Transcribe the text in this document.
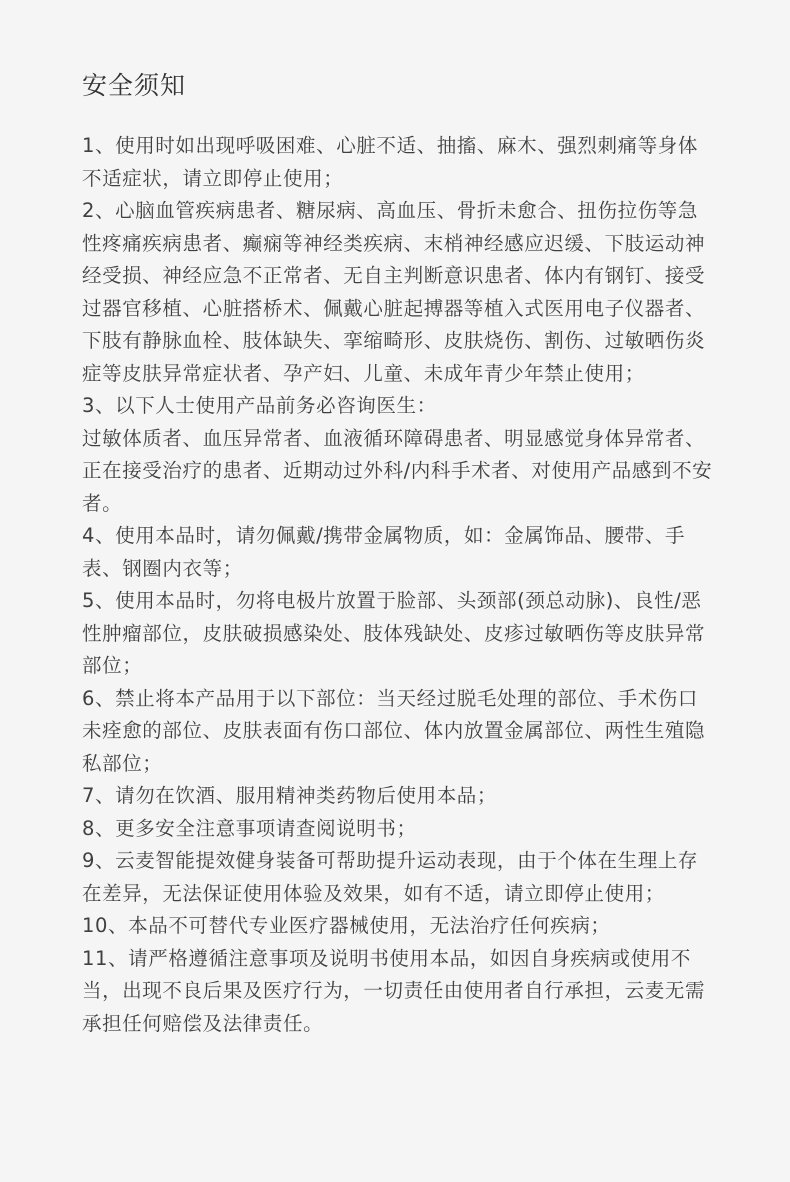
安全须知

1、使用时如出现呼吸困难、心脏不适、抽搐、麻木、强烈刺痛等身体不适症状，请立即停止使用；

2、心脑血管疾病患者、糖尿病、高血压、骨折未愈合、扭伤拉伤等急性疼痛疾病患者、癫痫等神经类疾病、末梢神经感应迟缓、下肢运动神经受损、神经应急不正常者、无自主判断意识患者、体内有钢钉、接受过器官移植、心脏搭桥术、佩戴心脏起搏器等植入式医用电子仪器者、下肢有静脉血栓、肢体缺失、挛缩畸形、皮肤烧伤、割伤、过敏晒伤炎症等皮肤异常症状者、孕产妇、儿童、未成年青少年禁止使用；

3、以下人士使用产品前务必咨询医生：

过敏体质者、血压异常者、血液循环障碍患者、明显感觉身体异常者、正在接受治疗的患者、近期动过外科/内科手术者、对使用产品感到不安者。

4、使用本品时，请勿佩戴/携带金属物质，如：金属饰品、腰带、手表、钢圈内衣等；

5、使用本品时，勿将电极片放置于脸部、头颈部(颈总动脉)、良性/恶性肿瘤部位，皮肤破损感染处、肢体残缺处、皮疹过敏晒伤等皮肤异常部位；

6、禁止将本产品用于以下部位：当天经过脱毛处理的部位、手术伤口未痊愈的部位、皮肤表面有伤口部位、体内放置金属部位、两性生殖隐私部位；

7、请勿在饮酒、服用精神类药物后使用本品；

8、更多安全注意事项请查阅说明书；

9、云麦智能提效健身装备可帮助提升运动表现，由于个体在生理上存在差异，无法保证使用体验及效果，如有不适，请立即停止使用；

10、本品不可替代专业医疗器械使用，无法治疗任何疾病；

11、请严格遵循注意事项及说明书使用本品，如因自身疾病或使用不当，出现不良后果及医疗行为，一切责任由使用者自行承担，云麦无需承担任何赔偿及法律责任。
